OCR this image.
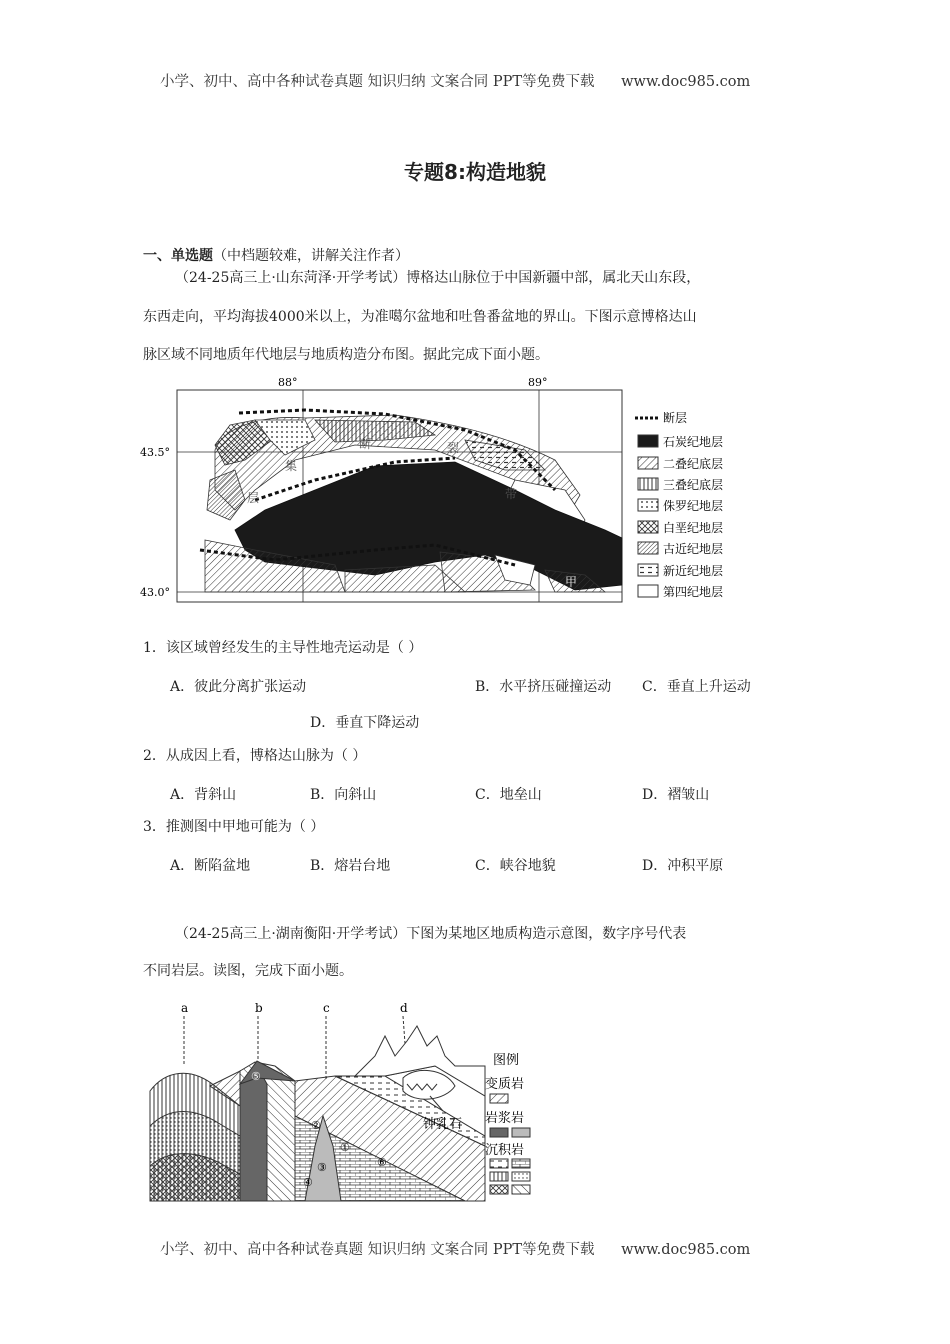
小学、初中、高中各种试卷真题 知识归纳 文案合同 PPT等免费下载 www.doc985.com
专题8:构造地貌
一、单选题（中档题较难，讲解关注作者）
（24-25高三上·山东菏泽·开学考试）博格达山脉位于中国新疆中部，属北天山东段，
东西走向，平均海拔4000米以上，为准噶尔盆地和吐鲁番盆地的界山。下图示意博格达山
脉区域不同地质年代地层与地质构造分布图。据此完成下面小题。
88°	89°
43.5°
43.0°
断	裂
集
带
层
甲
断层
石炭纪地层
二叠纪底层
三叠纪底层
侏罗纪地层
白垩纪地层
古近纪地层
新近纪地层
第四纪地层
1．该区域曾经发生的主导性地壳运动是（ ）
A．彼此分离扩张运动	B．水平挤压碰撞运动 C．垂直上升运动
D．垂直下降运动
2．从成因上看，博格达山脉为（ ）
A．背斜山	B．向斜山	C．地垒山	D．褶皱山
3．推测图中甲地可能为（ ）
A．断陷盆地	B．熔岩台地	C．峡谷地貌	D．冲积平原
（24-25高三上·湖南衡阳·开学考试）下图为某地区地质构造示意图，数字序号代表
不同岩层。读图，完成下面小题。
a	b	c	d
⑤
②
①
③	⑥
④
钟乳石
图例
变质岩
岩浆岩
沉积岩
小学、初中、高中各种试卷真题 知识归纳 文案合同 PPT等免费下载 www.doc985.com
